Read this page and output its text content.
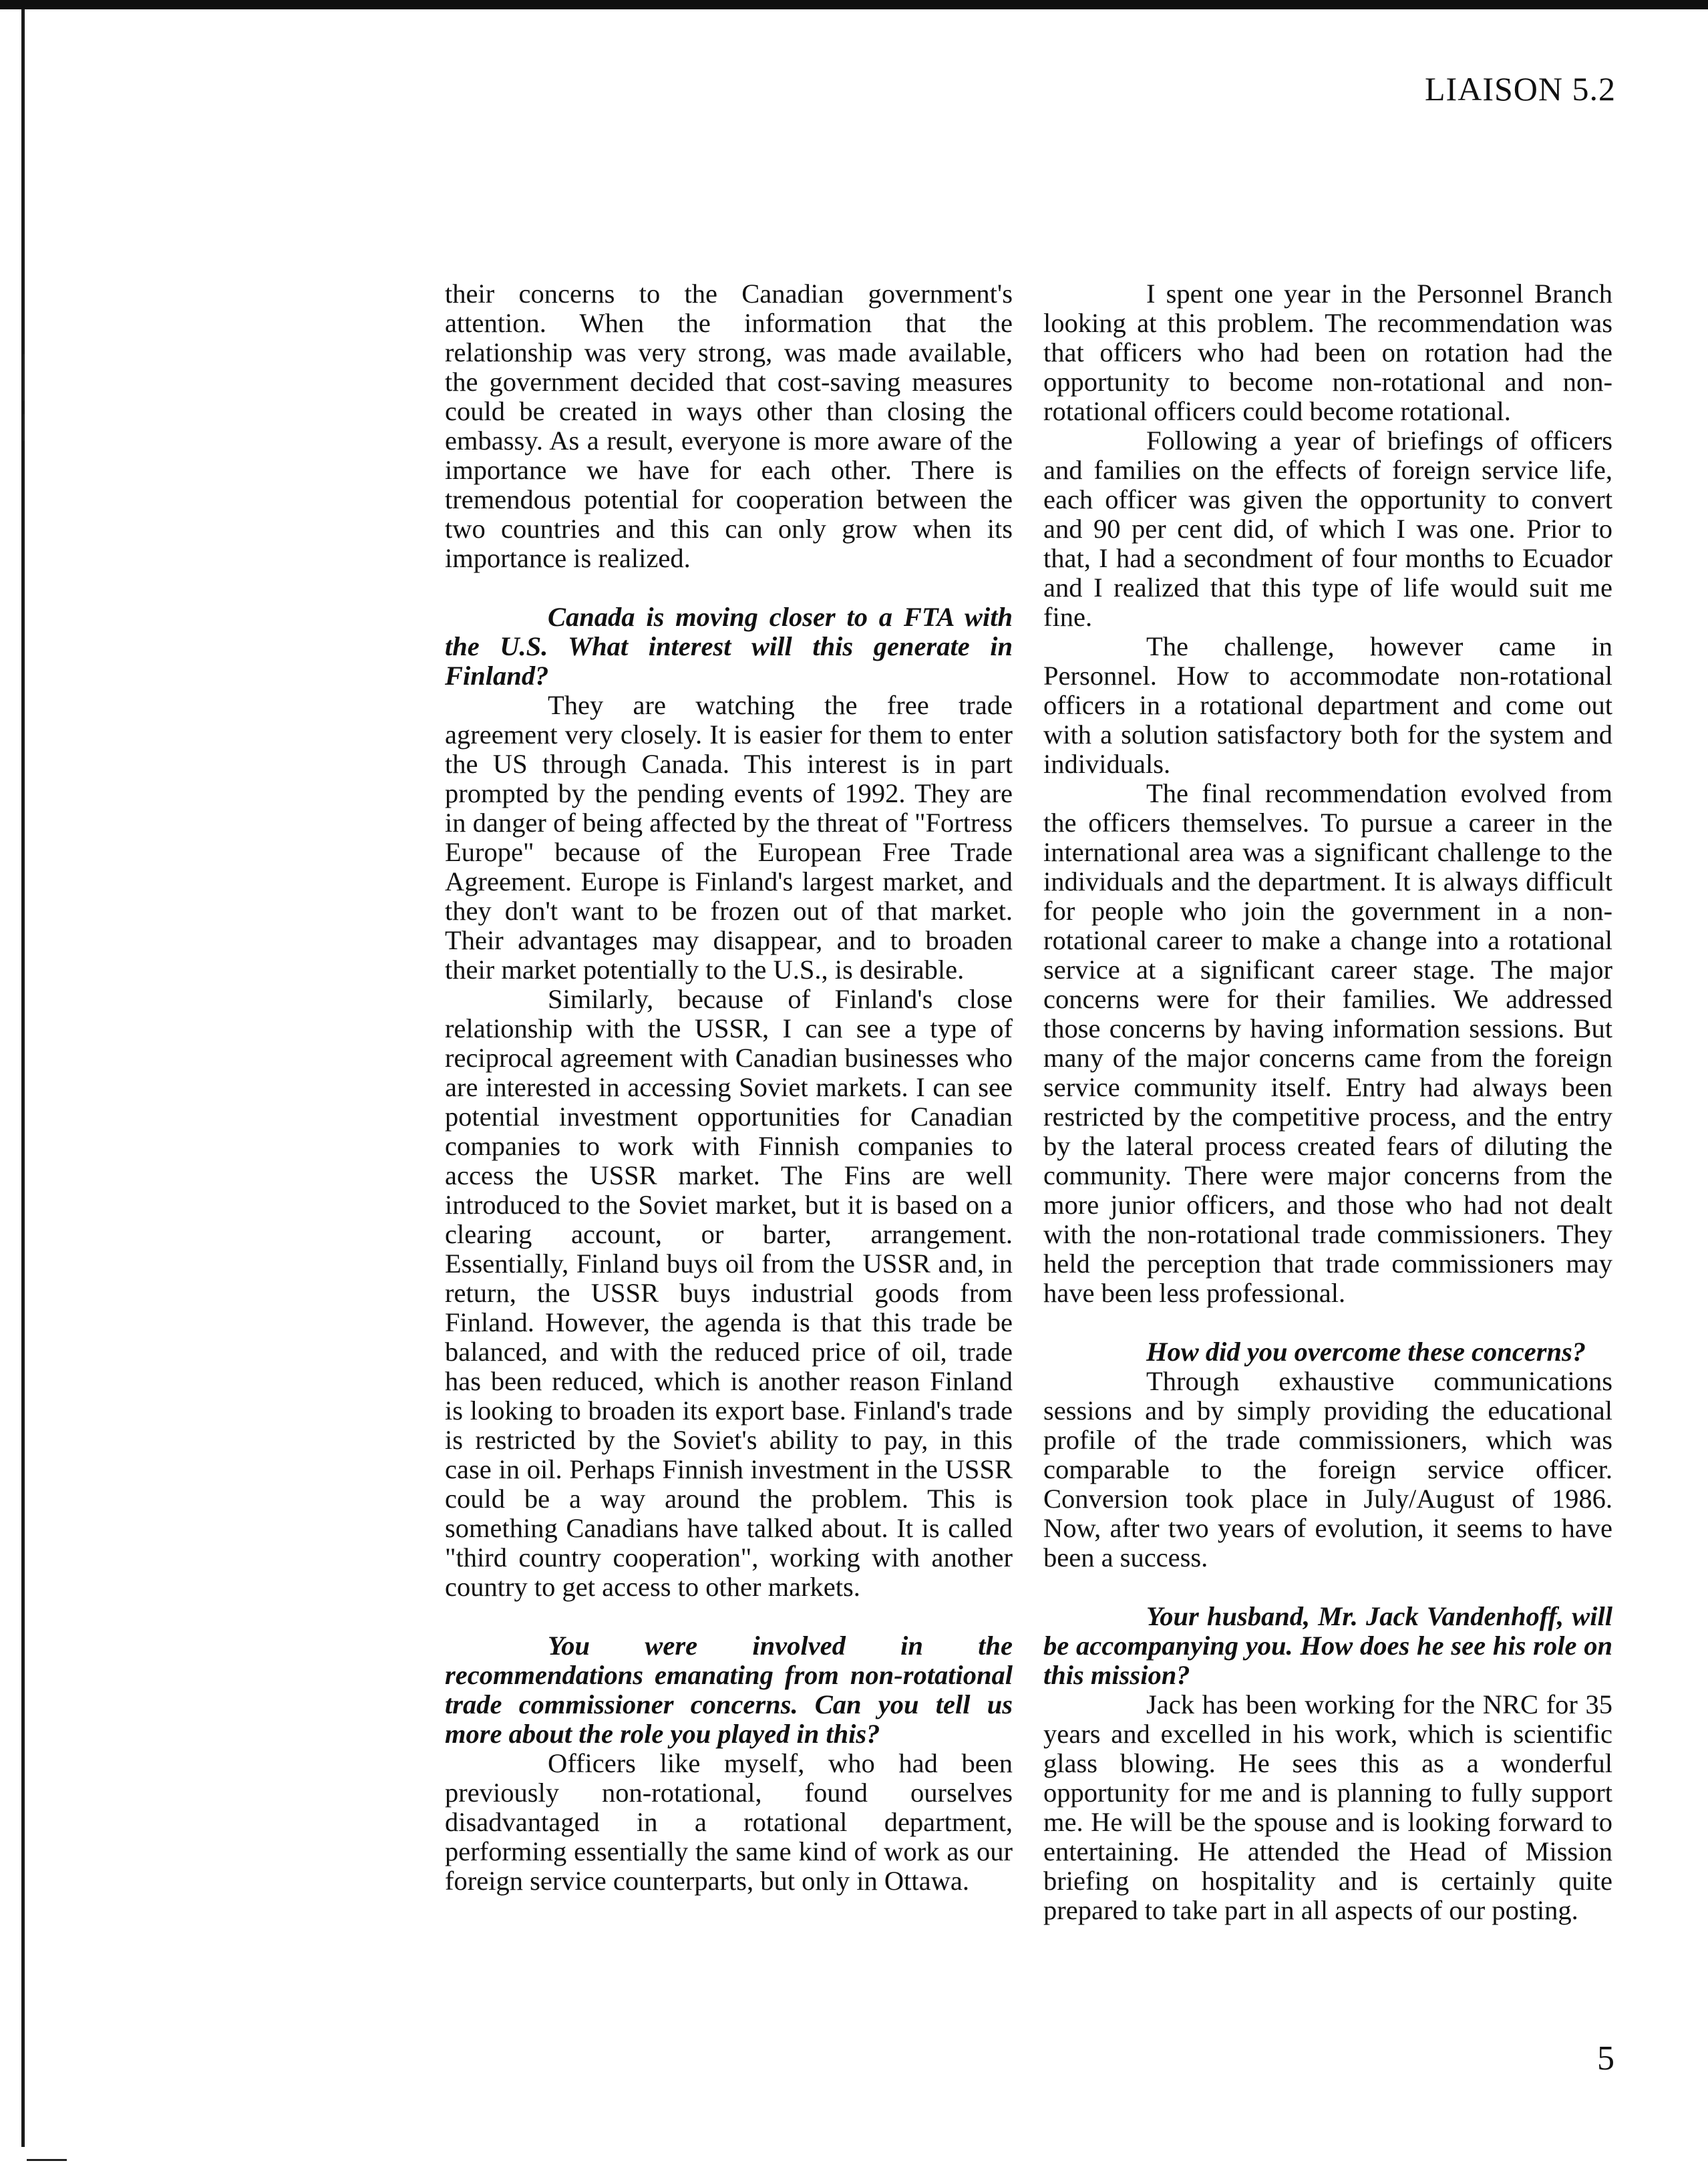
LIAISON 5.2

their concerns to the Canadian government's attention. When the information that the relationship was very strong, was made available, the government decided that cost-saving measures could be created in ways other than closing the embassy. As a result, everyone is more aware of the importance we have for each other. There is tremendous potential for cooperation between the two countries and this can only grow when its importance is realized.

Canada is moving closer to a FTA with the U.S. What interest will this generate in Finland?

They are watching the free trade agreement very closely. It is easier for them to enter the US through Canada. This interest is in part prompted by the pending events of 1992. They are in danger of being affected by the threat of "Fortress Europe" because of the European Free Trade Agreement. Europe is Finland's largest market, and they don't want to be frozen out of that market. Their advantages may disappear, and to broaden their market potentially to the U.S., is desirable.

Similarly, because of Finland's close relationship with the USSR, I can see a type of reciprocal agreement with Canadian businesses who are interested in accessing Soviet markets. I can see potential investment opportunities for Canadian companies to work with Finnish companies to access the USSR market. The Fins are well introduced to the Soviet market, but it is based on a clearing account, or barter, arrangement. Essentially, Finland buys oil from the USSR and, in return, the USSR buys industrial goods from Finland. However, the agenda is that this trade be balanced, and with the reduced price of oil, trade has been reduced, which is another reason Finland is looking to broaden its export base. Finland's trade is restricted by the Soviet's ability to pay, in this case in oil. Perhaps Finnish investment in the USSR could be a way around the problem. This is something Canadians have talked about. It is called "third country cooperation", working with another country to get access to other markets.

You were involved in the recommendations emanating from non-rotational trade commissioner concerns. Can you tell us more about the role you played in this?

Officers like myself, who had been previously non-rotational, found ourselves disadvantaged in a rotational department, performing essentially the same kind of work as our foreign service counterparts, but only in Ottawa.

I spent one year in the Personnel Branch looking at this problem. The recommendation was that officers who had been on rotation had the opportunity to become non-rotational and non-rotational officers could become rotational.

Following a year of briefings of officers and families on the effects of foreign service life, each officer was given the opportunity to convert and 90 per cent did, of which I was one. Prior to that, I had a secondment of four months to Ecuador and I realized that this type of life would suit me fine.

The challenge, however came in Personnel. How to accommodate non-rotational officers in a rotational department and come out with a solution satisfactory both for the system and individuals.

The final recommendation evolved from the officers themselves. To pursue a career in the international area was a significant challenge to the individuals and the department. It is always difficult for people who join the government in a non-rotational career to make a change into a rotational service at a significant career stage. The major concerns were for their families. We addressed those concerns by having information sessions. But many of the major concerns came from the foreign service community itself. Entry had always been restricted by the competitive process, and the entry by the lateral process created fears of diluting the community. There were major concerns from the more junior officers, and those who had not dealt with the non-rotational trade commissioners. They held the perception that trade commissioners may have been less professional.

How did you overcome these concerns?

Through exhaustive communications sessions and by simply providing the educational profile of the trade commissioners, which was comparable to the foreign service officer. Conversion took place in July/August of 1986. Now, after two years of evolution, it seems to have been a success.

Your husband, Mr. Jack Vandenhoff, will be accompanying you. How does he see his role on this mission?

Jack has been working for the NRC for 35 years and excelled in his work, which is scientific glass blowing. He sees this as a wonderful opportunity for me and is planning to fully support me. He will be the spouse and is looking forward to entertaining. He attended the Head of Mission briefing on hospitality and is certainly quite prepared to take part in all aspects of our posting.

5
